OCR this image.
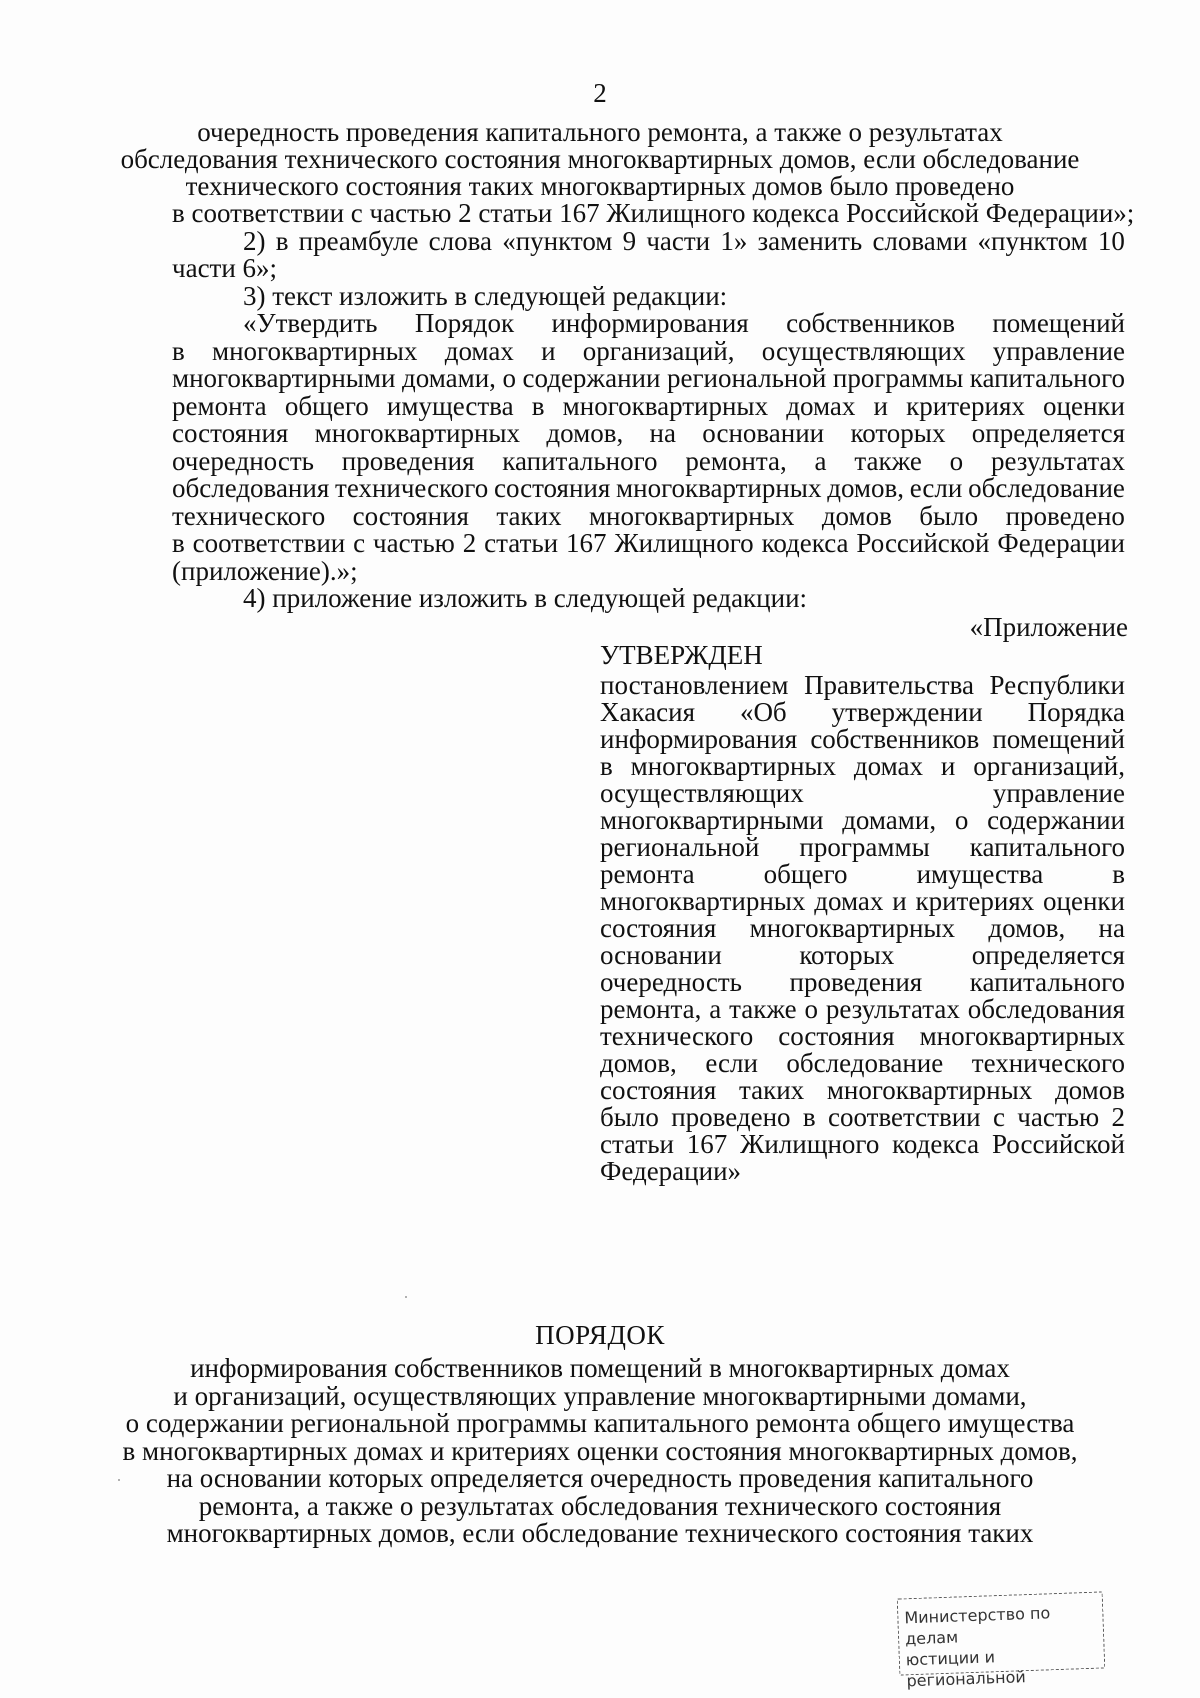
2
очередность проведения капитального ремонта, а также о результатах
обследования технического состояния многоквартирных домов, если обследование
технического состояния таких многоквартирных домов было проведено
в соответствии с частью 2 статьи 167 Жилищного кодекса Российской Федерации»;
2) в преамбуле слова «пунктом 9 части 1» заменить словами «пунктом 10
части 6»;
3) текст изложить в следующей редакции:
«Утвердить Порядок информирования собственников помещений
в многоквартирных домах и организаций, осуществляющих управление
многоквартирными домами, о содержании региональной программы капитального
ремонта общего имущества в многоквартирных домах и критериях оценки
состояния многоквартирных домов, на основании которых определяется
очередность проведения капитального ремонта, а также о результатах
обследования технического состояния многоквартирных домов, если обследование
технического состояния таких многоквартирных домов было проведено
в соответствии с частью 2 статьи 167 Жилищного кодекса Российской Федерации
(приложение).»;
4) приложение изложить в следующей редакции:
«Приложение
УТВЕРЖДЕН
постановлением Правительства Республики
Хакасия «Об утверждении Порядка
информирования собственников помещений
в многоквартирных домах и организаций,
осуществляющих	управление
многоквартирными домами, о содержании
региональной программы капитального
ремонта	общего	имущества	в
многоквартирных домах и критериях оценки
состояния многоквартирных домов, на
основании	которых	определяется
очередность проведения капитального
ремонта, а также о результатах обследования
технического состояния многоквартирных
домов, если обследование технического
состояния таких многоквартирных домов
было проведено в соответствии с частью 2
статьи 167 Жилищного кодекса Российской
Федерации»
ПОРЯДОК
информирования собственников помещений в многоквартирных домах
и организаций, осуществляющих управление многоквартирными домами,
о содержании региональной программы капитального ремонта общего имущества
в многоквартирных домах и критериях оценки состояния многоквартирных домов,
на основании которых определяется очередность проведения капитального
ремонта, а также о результатах обследования технического состояния
многоквартирных домов, если обследование технического состояния таких
Министерство по делам
юстиции и региональной
